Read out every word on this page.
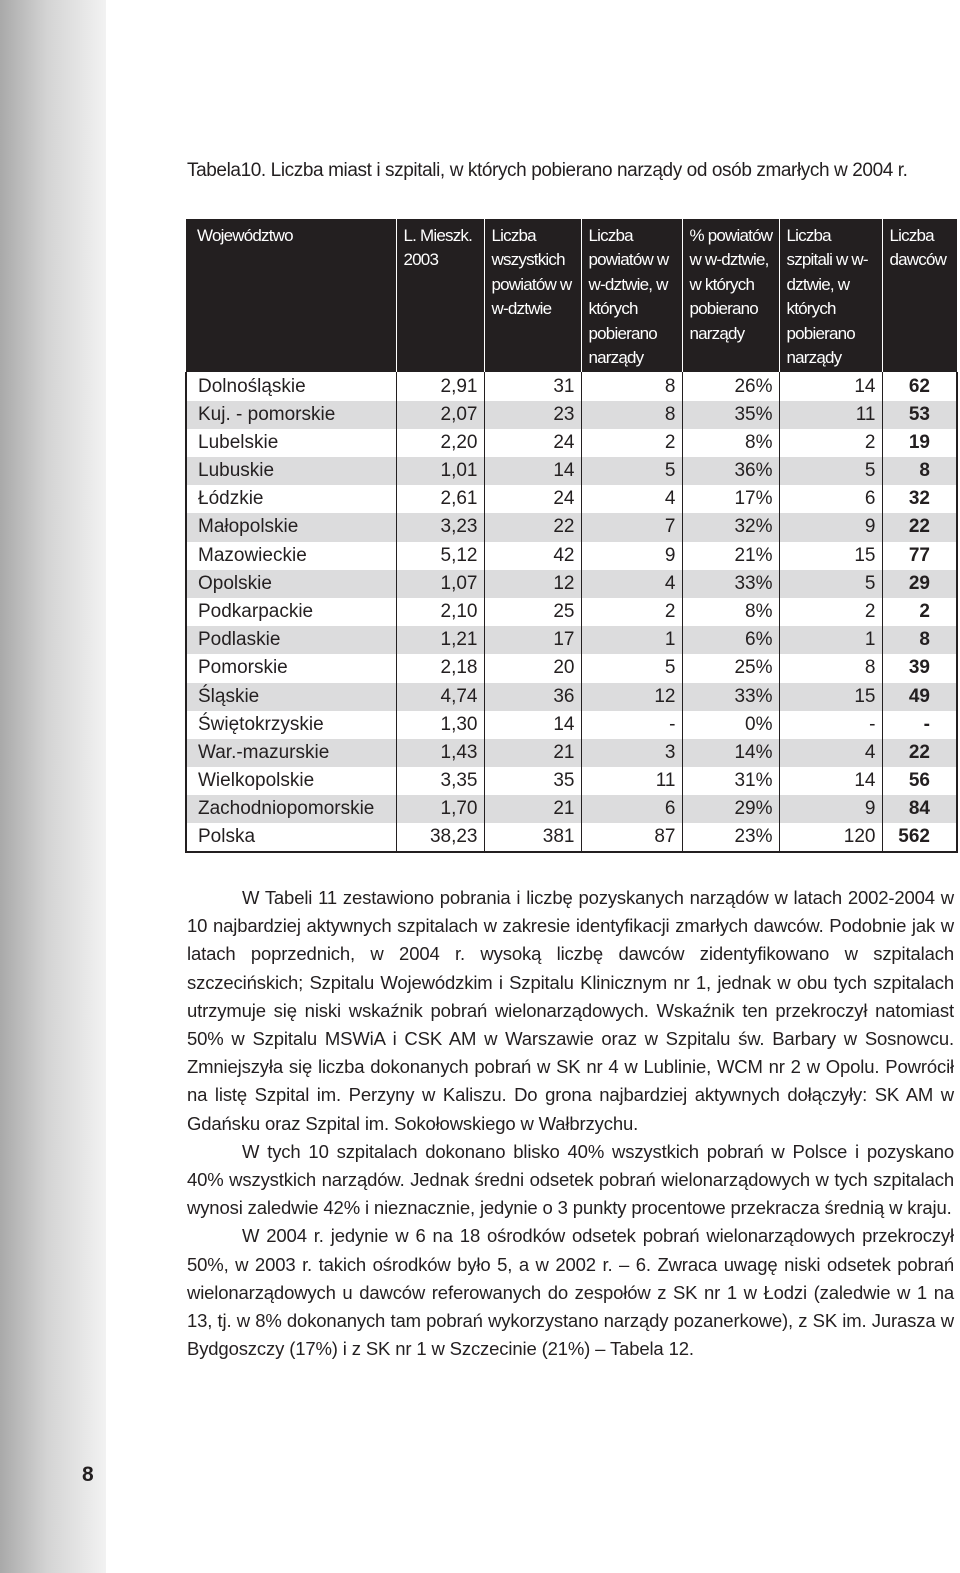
Tabela10. Liczba miast i szpitali, w których pobierano narządy od osób zmarłych w 2004 r.
Województwo	L. Mieszk. 2003	Liczba wszystkich powiatów w w-dztwie	Liczba powiatów w w-dztwie, w których pobierano narządy	% powiatów w w-dztwie, w których pobierano narządy	Liczba szpitali w w-dztwie, w których pobierano narządy	Liczba dawców
Dolnośląskie	2,91	31	8	26%	14	62
Kuj. - pomorskie	2,07	23	8	35%	11	53
Lubelskie	2,20	24	2	8%	2	19
Lubuskie	1,01	14	5	36%	5	8
Łódzkie	2,61	24	4	17%	6	32
Małopolskie	3,23	22	7	32%	9	22
Mazowieckie	5,12	42	9	21%	15	77
Opolskie	1,07	12	4	33%	5	29
Podkarpackie	2,10	25	2	8%	2	2
Podlaskie	1,21	17	1	6%	1	8
Pomorskie	2,18	20	5	25%	8	39
Śląskie	4,74	36	12	33%	15	49
Świętokrzyskie	1,30	14	-	0%	-	-
War.-mazurskie	1,43	21	3	14%	4	22
Wielkopolskie	3,35	35	11	31%	14	56
Zachodniopomorskie	1,70	21	6	29%	9	84
Polska	38,23	381	87	23%	120	562

W Tabeli 11 zestawiono pobrania i liczbę pozyskanych narządów w latach 2002-2004 w 10 najbardziej aktywnych szpitalach w zakresie identyfikacji zmarłych dawców. Podobnie jak w latach poprzednich, w 2004 r. wysoką liczbę dawców zidentyfikowano w szpitalach szczecińskich; Szpitalu Wojewódzkim i Szpitalu Klinicznym nr 1, jednak w obu tych szpitalach utrzymuje się niski wskaźnik pobrań wielonarządowych. Wskaźnik ten przekroczył natomiast 50% w Szpitalu MSWiA i CSK AM w Warszawie oraz w Szpitalu św. Barbary w Sosnowcu. Zmniejszyła się liczba dokonanych pobrań w SK nr 4 w Lublinie, WCM nr 2 w Opolu. Powrócił na listę Szpital im. Perzyny w Kaliszu. Do grona najbardziej aktywnych dołączyły: SK AM w Gdańsku oraz Szpital im. Sokołowskiego w Wałbrzychu.

W tych 10 szpitalach dokonano blisko 40% wszystkich pobrań w Polsce i pozyskano 40% wszystkich narządów. Jednak średni odsetek pobrań wielonarządowych w tych szpitalach wynosi zaledwie 42% i nieznacznie, jedynie o 3 punkty procentowe przekracza średnią w kraju.

W 2004 r. jedynie w 6 na 18 ośrodków odsetek pobrań wielonarządowych przekroczył 50%, w 2003 r. takich ośrodków było 5, a w 2002 r. – 6. Zwraca uwagę niski odsetek pobrań wielonarządowych u dawców referowanych do zespołów z SK nr 1 w Łodzi (zaledwie w 1 na 13, tj. w 8% dokonanych tam pobrań wykorzystano narządy pozanerkowe), z SK im. Jurasza w Bydgoszczy (17%) i z SK nr 1 w Szczecinie (21%) – Tabela 12.

8
